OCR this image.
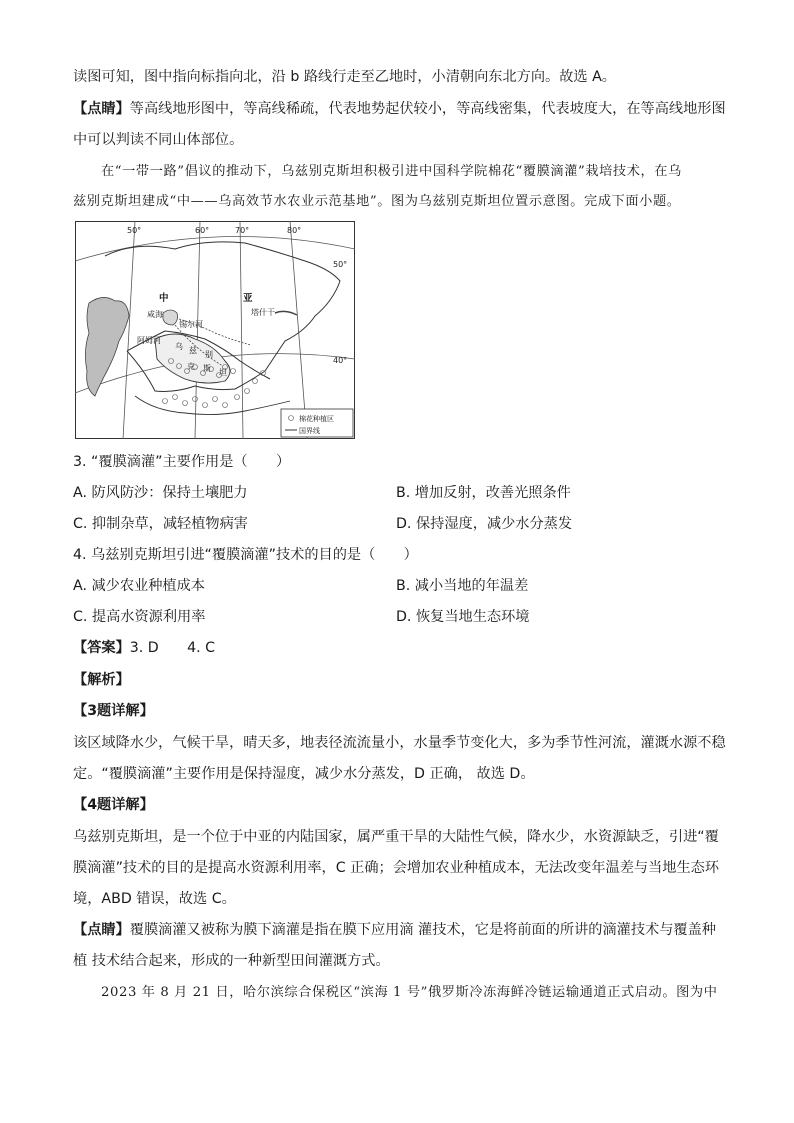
读图可知，图中指向标指向北，沿 b 路线行走至乙地时，小清朝向东北方向。故选 A。
【点睛】等高线地形图中，等高线稀疏，代表地势起伏较小，等高线密集，代表坡度大，在等高线地形图
中可以判读不同山体部位。
在“一带一路”倡议的推动下，乌兹别克斯坦积极引进中国科学院棉花“覆膜滴灌”栽培技术，在乌
兹别克斯坦建成“中——乌高效节水农业示范基地”。图为乌兹别克斯坦位置示意图。完成下面小题。
50°	60°	70°	80°
50°
40°
中	亚
咸海
阿姆河
锡尔河
乌 兹 别
克 斯 坦
塔什干
棉花种植区
国界线
3. “覆膜滴灌”主要作用是（　　）
A. 防风防沙：保持土壤肥力	B. 增加反射，改善光照条件
C. 抑制杂草，减轻植物病害	D. 保持湿度，减少水分蒸发
4. 乌兹别克斯坦引进“覆膜滴灌”技术的目的是（　　）
A. 减少农业种植成本	B. 减小当地的年温差
C. 提高水资源利用率	D. 恢复当地生态环境
【答案】3. D　　4. C
【解析】
【3题详解】
该区域降水少，气候干旱，晴天多，地表径流流量小，水量季节变化大，多为季节性河流，灌溉水源不稳
定。“覆膜滴灌”主要作用是保持湿度，减少水分蒸发，D 正确， 故选 D。
【4题详解】
乌兹别克斯坦，是一个位于中亚的内陆国家，属严重干旱的大陆性气候，降水少，水资源缺乏，引进“覆
膜滴灌”技术的目的是提高水资源利用率，C 正确；会增加农业种植成本，无法改变年温差与当地生态环
境，ABD 错误，故选 C。
【点睛】覆膜滴灌又被称为膜下滴灌是指在膜下应用滴 灌技术，它是将前面的所讲的滴灌技术与覆盖种
植 技术结合起来，形成的一种新型田间灌溉方式。
2023 年 8 月 21 日，哈尔滨综合保税区“滨海 1 号”俄罗斯冷冻海鲜冷链运输通道正式启动。图为中
